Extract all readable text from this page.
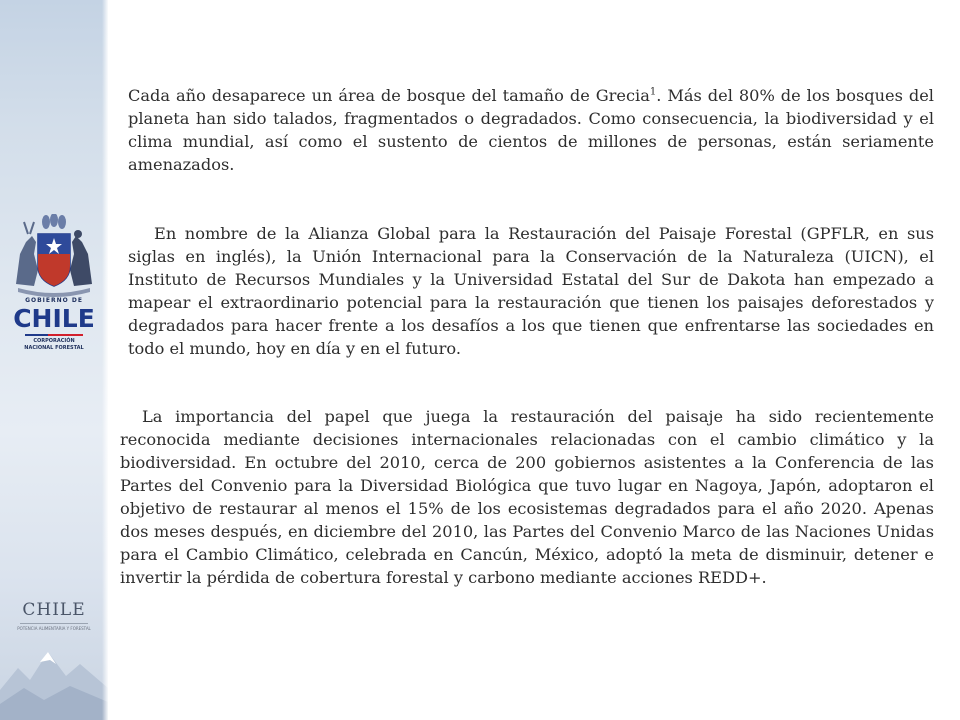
GOBIERNO DE
CHILE
CORPORACIÓN
NACIONAL FORESTAL
CHILE
POTENCIA ALIMENTARIA Y FORESTAL

Cada año desaparece un área de bosque del tamaño de Grecia$^1$. Más del 80% de los bosques del planeta han sido talados, fragmentados o degradados. Como consecuencia, la biodiversidad y el clima mundial, así como el sustento de cientos de millones de personas, están seriamente amenazados.

En nombre de la Alianza Global para la Restauración del Paisaje Forestal (GPFLR, en sus siglas en inglés), la Unión Internacional para la Conservación de la Naturaleza (UICN), el Instituto de Recursos Mundiales y la Universidad Estatal del Sur de Dakota han empezado a mapear el extraordinario potencial para la restauración que tienen los paisajes deforestados y degradados para hacer frente a los desafíos a los que tienen que enfrentarse las sociedades en todo el mundo, hoy en día y en el futuro.

La importancia del papel que juega la restauración del paisaje ha sido recientemente reconocida mediante decisiones internacionales relacionadas con el cambio climático y la biodiversidad. En octubre del 2010, cerca de 200 gobiernos asistentes a la Conferencia de las Partes del Convenio para la Diversidad Biológica que tuvo lugar en Nagoya, Japón, adoptaron el objetivo de restaurar al menos el 15% de los ecosistemas degradados para el año 2020. Apenas dos meses después, en diciembre del 2010, las Partes del Convenio Marco de las Naciones Unidas para el Cambio Climático, celebrada en Cancún, México, adoptó la meta de disminuir, detener e invertir la pérdida de cobertura forestal y carbono mediante acciones REDD+.
